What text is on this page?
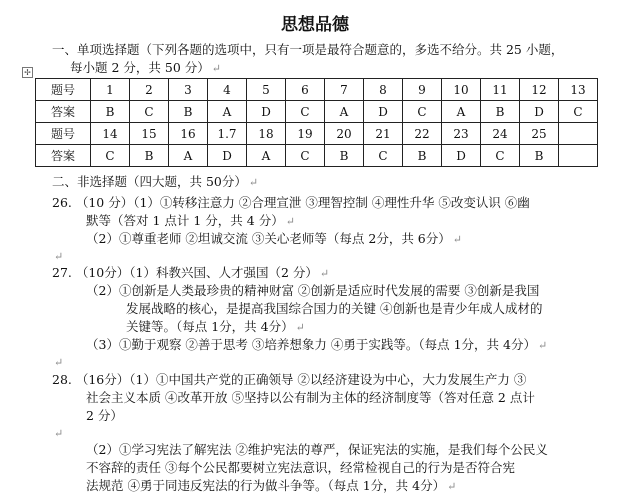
思想品德
一、单项选择题（下列各题的选项中，只有一项是最符合题意的，多选不给分。共 25 小题，
每小题 2 分，共 50 分） ↵
✢
题号	1	2	3	4	5	6	7	8	9	10	11	12	13
答案	B	C	B	A	D	C	A	D	C	A	B	D	C
题号	14	15	16	1.7	18	19	20	21	22	23	24	25	
答案	C	B	A	D	A	C	B	C	B	D	C	B	
二、非选择题（四大题，共 50分） ↵
26. （10 分）（1）①转移注意力 ②合理宣泄 ③理智控制 ④理性升华 ⑤改变认识 ⑥幽
默等（答对 1 点计 1 分，共 4 分） ↵
（2）①尊重老师 ②坦诚交流 ③关心老师等（每点 2分，共 6分） ↵
↵
27. （10分）（1）科教兴国、人才强国（2 分） ↵
（2）①创新是人类最珍贵的精神财富 ②创新是适应时代发展的需要 ③创新是我国
发展战略的核心，是提高我国综合国力的关键 ④创新也是青少年成人成材的
关键等。（每点 1分，共 4分） ↵
（3）①勤于观察 ②善于思考 ③培养想象力 ④勇于实践等。（每点 1分，共 4分） ↵
↵
28. （16分）（1）①中国共产党的正确领导 ②以经济建设为中心，大力发展生产力 ③
社会主义本质 ④改革开放 ⑤坚持以公有制为主体的经济制度等（答对任意 2 点计
2 分）
↵
（2）①学习宪法了解宪法 ②维护宪法的尊严，保证宪法的实施，是我们每个公民义
不容辞的责任 ③每个公民都要树立宪法意识，经常检视自己的行为是否符合宪
法规范 ④勇于同违反宪法的行为做斗争等。（每点 1分，共 4分） ↵
